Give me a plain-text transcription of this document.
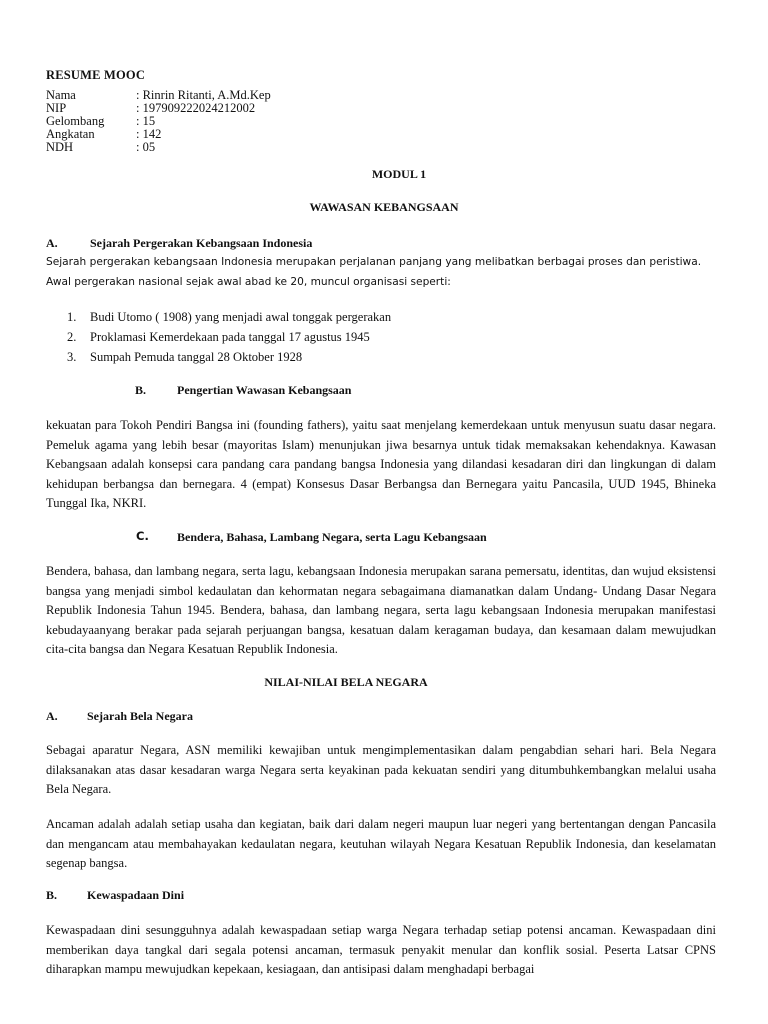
RESUME MOOC
Nama	: Rinrin Ritanti, A.Md.Kep
NIP	: 197909222024212002
Gelombang	: 15
Angkatan	: 142
NDH	: 05
MODUL 1
WAWASAN KEBANGSAAN
A.	Sejarah Pergerakan Kebangsaan Indonesia
Sejarah pergerakan kebangsaan Indonesia merupakan perjalanan panjang yang melibatkan berbagai proses dan peristiwa. Awal pergerakan nasional sejak awal abad ke 20, muncul organisasi seperti:
1. Budi Utomo ( 1908) yang menjadi awal tonggak pergerakan
2. Proklamasi Kemerdekaan pada tanggal 17 agustus 1945
3. Sumpah Pemuda tanggal 28 Oktober 1928
B.	Pengertian Wawasan Kebangsaan
kekuatan para Tokoh Pendiri Bangsa ini (founding fathers), yaitu saat menjelang kemerdekaan untuk menyusun suatu dasar negara. Pemeluk agama yang lebih besar (mayoritas Islam) menunjukan jiwa besarnya untuk tidak memaksakan kehendaknya. Kawasan Kebangsaan adalah konsepsi cara pandang cara pandang bangsa Indonesia yang dilandasi kesadaran diri dan lingkungan di dalam kehidupan berbangsa dan bernegara. 4 (empat) Konsesus Dasar Berbangsa dan Bernegara yaitu Pancasila, UUD 1945, Bhineka Tunggal Ika, NKRI.
C. Bendera, Bahasa, Lambang Negara, serta Lagu Kebangsaan
Bendera, bahasa, dan lambang negara, serta lagu, kebangsaan Indonesia merupakan sarana pemersatu, identitas, dan wujud eksistensi bangsa yang menjadi simbol kedaulatan dan kehormatan negara sebagaimana diamanatkan dalam Undang- Undang Dasar Negara Republik Indonesia Tahun 1945. Bendera, bahasa, dan lambang negara, serta lagu kebangsaan Indonesia merupakan manifestasi kebudayaanyang berakar pada sejarah perjuangan bangsa, kesatuan dalam keragaman budaya, dan kesamaan dalam mewujudkan cita-cita bangsa dan Negara Kesatuan Republik Indonesia.
NILAI-NILAI BELA NEGARA
A. Sejarah Bela Negara
Sebagai aparatur Negara, ASN memiliki kewajiban untuk mengimplementasikan dalam pengabdian sehari hari. Bela Negara dilaksanakan atas dasar kesadaran warga Negara serta keyakinan pada kekuatan sendiri yang ditumbuhkembangkan melalui usaha Bela Negara.
Ancaman adalah adalah setiap usaha dan kegiatan, baik dari dalam negeri maupun luar negeri yang bertentangan dengan Pancasila dan mengancam atau membahayakan kedaulatan negara, keutuhan wilayah Negara Kesatuan Republik Indonesia, dan keselamatan segenap bangsa.
B. Kewaspadaan Dini
Kewaspadaan dini sesungguhnya adalah kewaspadaan setiap warga Negara terhadap setiap potensi ancaman. Kewaspadaan dini memberikan daya tangkal dari segala potensi ancaman, termasuk penyakit menular dan konflik sosial. Peserta Latsar CPNS diharapkan mampu mewujudkan kepekaan, kesiagaan, dan antisipasi dalam menghadapi berbagai
